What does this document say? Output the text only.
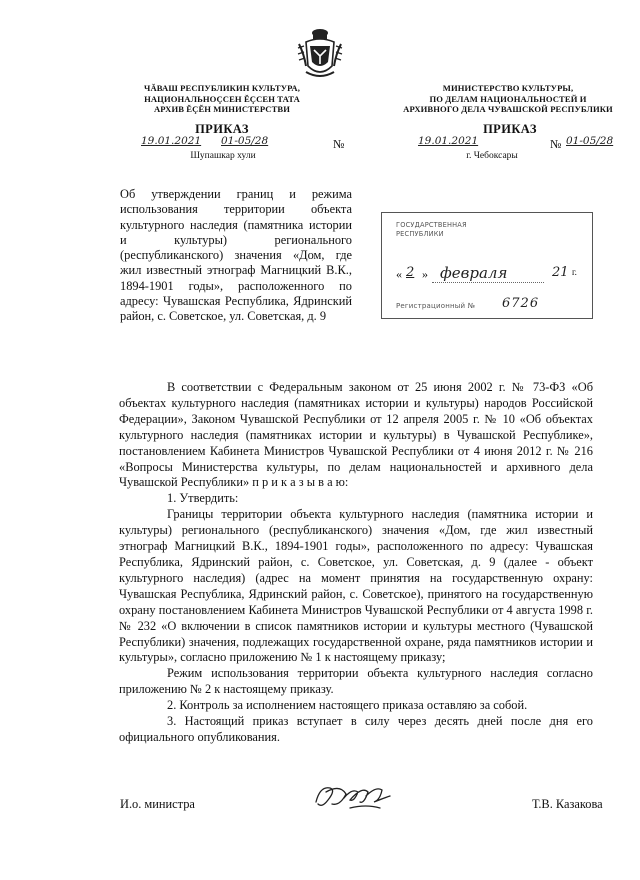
ЧĂВАШ РЕСПУБЛИКИН КУЛЬТУРА,
НАЦИОНАЛЬНОÇСЕН ĔÇСЕН ТАТА
АРХИВ ĔÇĔН МИНИСТЕРСТВИ
ПРИКАЗ
19.01.2021 01-05/28	№
Шупашкар хули
МИНИСТЕРСТВО КУЛЬТУРЫ,
ПО ДЕЛАМ НАЦИОНАЛЬНОСТЕЙ И
АРХИВНОГО ДЕЛА ЧУВАШСКОЙ РЕСПУБЛИКИ
ПРИКАЗ
19.01.2021	№ 01-05/28
г. Чебоксары
Об утверждении границ и режима использования территории объекта культурного наследия (памятника истории и культуры) регионального (республиканского) значения «Дом, где жил известный этнограф Магницкий В.К., 1894-1901 годы», расположенного по адресу: Чувашская Республика, Ядринский район, с. Советское, ул. Советская, д. 9
ГОСУДАРСТВЕННАЯ
РЕСПУБЛИКИ
« 2 » февраля	21 г.
Регистрационный № 6726

В соответствии с Федеральным законом от 25 июня 2002 г. № 73-ФЗ «Об объектах культурного наследия (памятниках истории и культуры) народов Российской Федерации», Законом Чувашской Республики от 12 апреля 2005 г. № 10 «Об объектах культурного наследия (памятниках истории и культуры) в Чувашской Республике», постановлением Кабинета Министров Чувашской Республики от 4 июня 2012 г. № 216 «Вопросы Министерства культуры, по делам национальностей и архивного дела Чувашской Республики» п р и к а з ы в а ю:

1. Утвердить:

Границы территории объекта культурного наследия (памятника истории и культуры) регионального (республиканского) значения «Дом, где жил известный этнограф Магницкий В.К., 1894-1901 годы», расположенного по адресу: Чувашская Республика, Ядринский район, с. Советское, ул. Советская, д. 9 (далее - объект культурного наследия) (адрес на момент принятия на государственную охрану: Чувашская Республика, Ядринский район, с. Советское), принятого на государственную охрану постановлением Кабинета Министров Чувашской Республики от 4 августа 1998 г. № 232 «О включении в список памятников истории и культуры местного (Чувашской Республики) значения, подлежащих государственной охране, ряда памятников истории и культуры», согласно приложению № 1 к настоящему приказу;

Режим использования территории объекта культурного наследия согласно приложению № 2 к настоящему приказу.

2. Контроль за исполнением настоящего приказа оставляю за собой.

3. Настоящий приказ вступает в силу через десять дней после дня его официального опубликования.

И.о. министра	Т.В. Казакова
